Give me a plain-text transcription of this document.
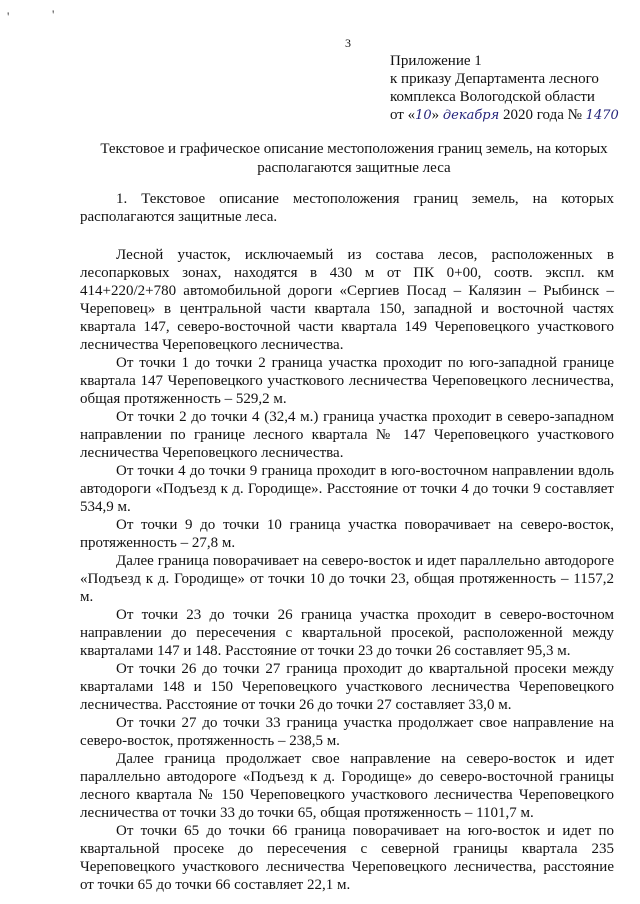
'	'
3
Приложение 1
к приказу Департамента лесного
комплекса Вологодской области
от «10» декабря 2020 года № 1470
Текстовое и графическое описание местоположения границ земель, на которых располагаются защитные леса

1. Текстовое описание местоположения границ земель, на которых располагаются защитные леса.

Лесной участок, исключаемый из состава лесов, расположенных в лесопарковых зонах, находятся в 430 м от ПК 0+00, соотв. экспл. км 414+220/2+780 автомобильной дороги «Сергиев Посад – Калязин – Рыбинск – Череповец» в центральной части квартала 150, западной и восточной частях квартала 147, северо-восточной части квартала 149 Череповецкого участкового лесничества Череповецкого лесничества.

От точки 1 до точки 2 граница участка проходит по юго-западной границе квартала 147 Череповецкого участкового лесничества Череповецкого лесничества, общая протяженность – 529,2 м.

От точки 2 до точки 4 (32,4 м.) граница участка проходит в северо-западном направлении по границе лесного квартала № 147 Череповецкого участкового лесничества Череповецкого лесничества.

От точки 4 до точки 9 граница проходит в юго-восточном направлении вдоль автодороги «Подъезд к д. Городище». Расстояние от точки 4 до точки 9 составляет 534,9 м.

От точки 9 до точки 10 граница участка поворачивает на северо-восток, протяженность – 27,8 м.

Далее граница поворачивает на северо-восток и идет параллельно автодороге «Подъезд к д. Городище» от точки 10 до точки 23, общая протяженность – 1157,2 м.

От точки 23 до точки 26 граница участка проходит в северо-восточном направлении до пересечения с квартальной просекой, расположенной между кварталами 147 и 148. Расстояние от точки 23 до точки 26 составляет 95,3 м.

От точки 26 до точки 27 граница проходит до квартальной просеки между кварталами 148 и 150 Череповецкого участкового лесничества Череповецкого лесничества. Расстояние от точки 26 до точки 27 составляет 33,0 м.

От точки 27 до точки 33 граница участка продолжает свое направление на северо-восток, протяженность – 238,5 м.

Далее граница продолжает свое направление на северо-восток и идет параллельно автодороге «Подъезд к д. Городище» до северо-восточной границы лесного квартала № 150 Череповецкого участкового лесничества Череповецкого лесничества от точки 33 до точки 65, общая протяженность – 1101,7 м.

От точки 65 до точки 66 граница поворачивает на юго-восток и идет по квартальной просеке до пересечения с северной границы квартала 235 Череповецкого участкового лесничества Череповецкого лесничества, расстояние от точки 65 до точки 66 составляет 22,1 м.
